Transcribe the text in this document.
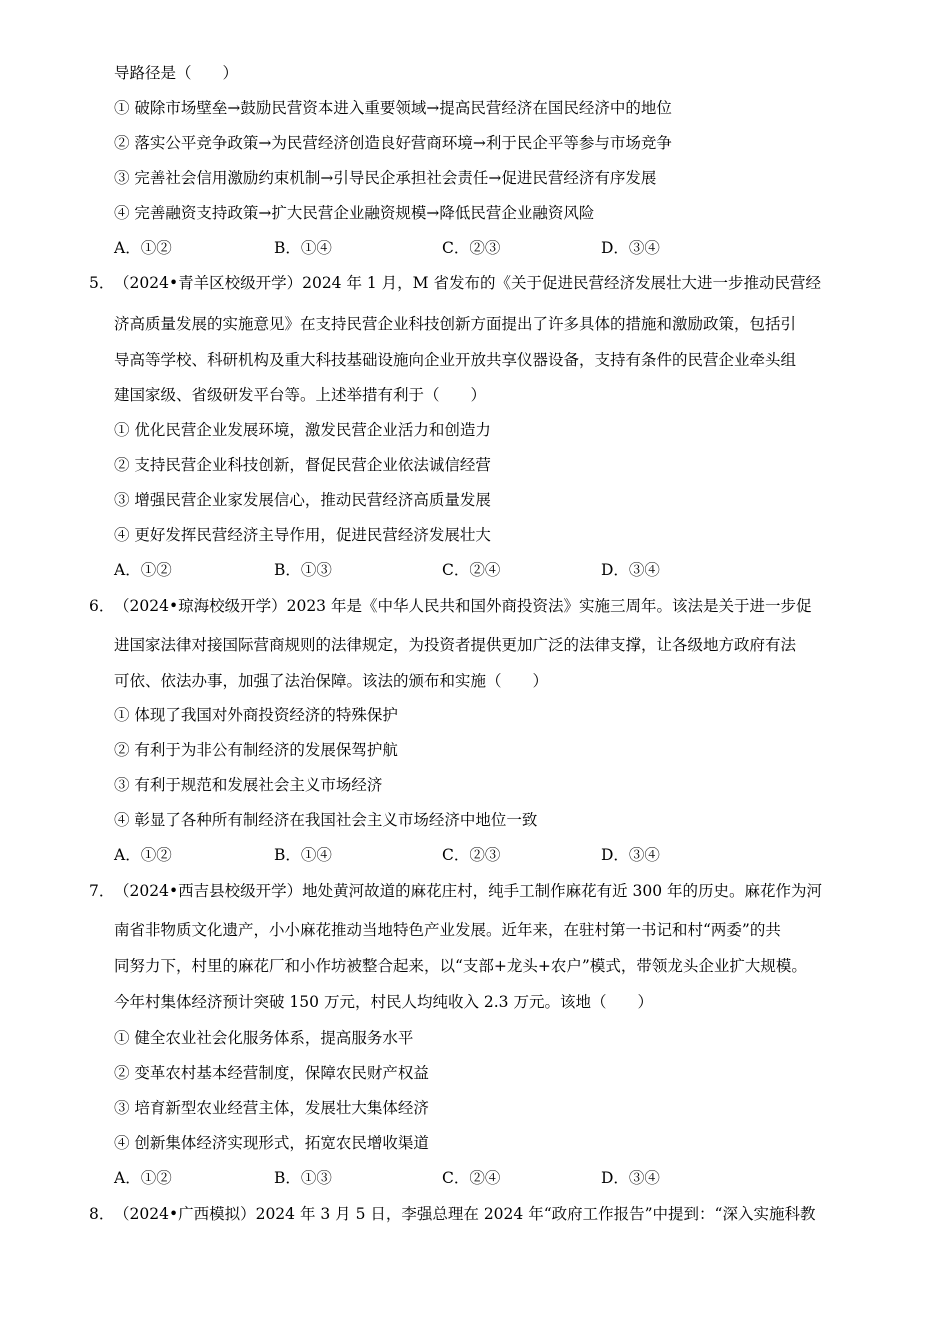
导路径是（　　）
① 破除市场壁垒→鼓励民营资本进入重要领域→提高民营经济在国民经济中的地位
② 落实公平竞争政策→为民营经济创造良好营商环境→利于民企平等参与市场竞争
③ 完善社会信用激励约束机制→引导民企承担社会责任→促进民营经济有序发展
④ 完善融资支持政策→扩大民营企业融资规模→降低民营企业融资风险
A．①②	B．①④	C．②③	D．③④
5． （2024•青羊区校级开学）2024 年 1 月，M 省发布的《关于促进民营经济发展壮大进一步推动民营经
济高质量发展的实施意见》在支持民营企业科技创新方面提出了许多具体的措施和激励政策，包括引
导高等学校、科研机构及重大科技基础设施向企业开放共享仪器设备，支持有条件的民营企业牵头组
建国家级、省级研发平台等。上述举措有利于（　　）
① 优化民营企业发展环境，激发民营企业活力和创造力
② 支持民营企业科技创新，督促民营企业依法诚信经营
③ 增强民营企业家发展信心，推动民营经济高质量发展
④ 更好发挥民营经济主导作用，促进民营经济发展壮大
A．①②	B．①③	C．②④	D．③④
6． （2024•琼海校级开学）2023 年是《中华人民共和国外商投资法》实施三周年。该法是关于进一步促
进国家法律对接国际营商规则的法律规定，为投资者提供更加广泛的法律支撑，让各级地方政府有法
可依、依法办事，加强了法治保障。该法的颁布和实施（　　）
① 体现了我国对外商投资经济的特殊保护
② 有利于为非公有制经济的发展保驾护航
③ 有利于规范和发展社会主义市场经济
④ 彰显了各种所有制经济在我国社会主义市场经济中地位一致
A．①②	B．①④	C．②③	D．③④
7． （2024•西吉县校级开学）地处黄河故道的麻花庄村，纯手工制作麻花有近 300 年的历史。麻花作为河
南省非物质文化遗产，小小麻花推动当地特色产业发展。近年来，在驻村第一书记和村“两委”的共
同努力下，村里的麻花厂和小作坊被整合起来，以“支部+龙头+农户”模式，带领龙头企业扩大规模。
今年村集体经济预计突破 150 万元，村民人均纯收入 2.3 万元。该地（　　）
① 健全农业社会化服务体系，提高服务水平
② 变革农村基本经营制度，保障农民财产权益
③ 培育新型农业经营主体，发展壮大集体经济
④ 创新集体经济实现形式，拓宽农民增收渠道
A．①②	B．①③	C．②④	D．③④
8． （2024•广西模拟）2024 年 3 月 5 日，李强总理在 2024 年“政府工作报告”中提到：“深入实施科教
